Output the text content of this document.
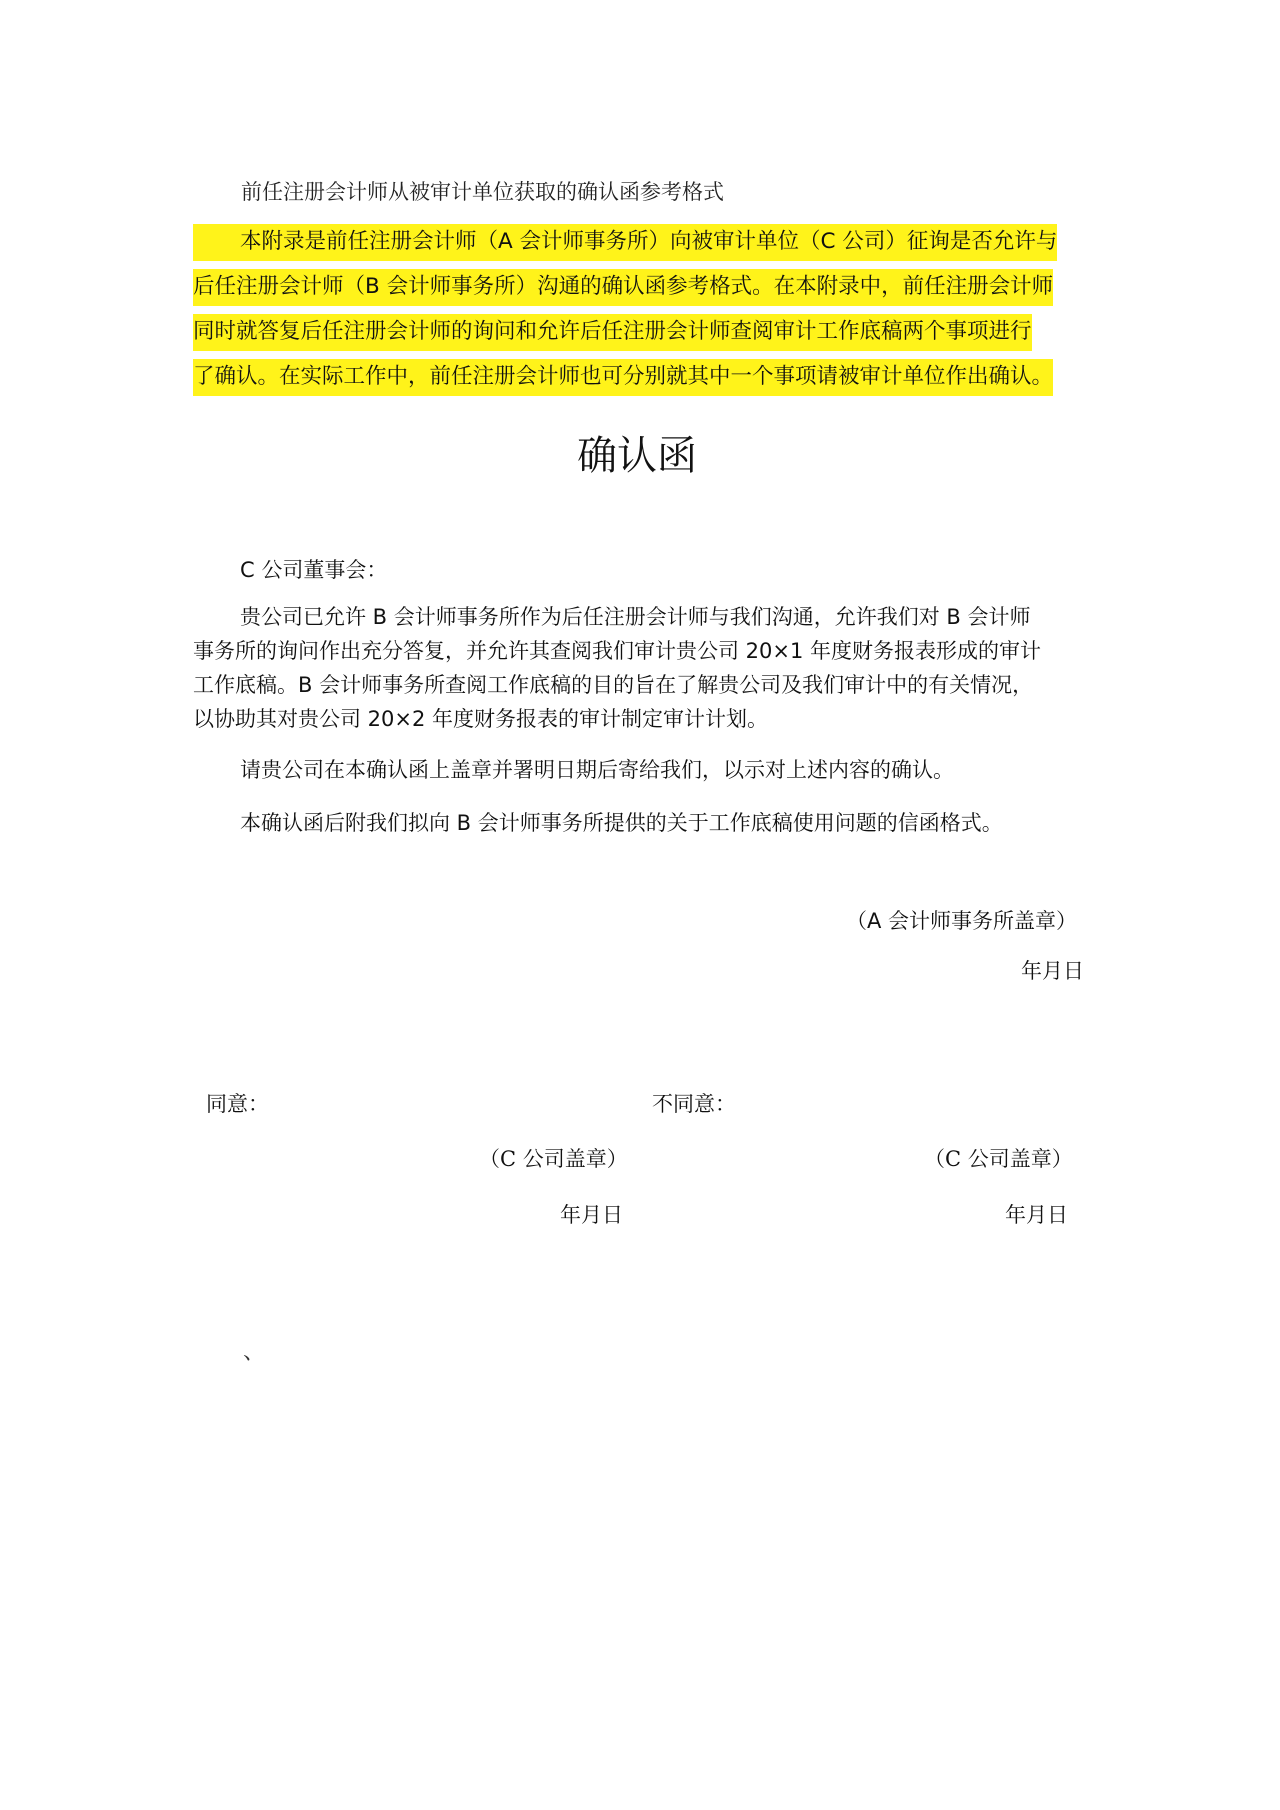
前任注册会计师从被审计单位获取的确认函参考格式
本附录是前任注册会计师（A 会计师事务所）向被审计单位（C 公司）征询是否允许与
后任注册会计师（B 会计师事务所）沟通的确认函参考格式。在本附录中，前任注册会计师
同时就答复后任注册会计师的询问和允许后任注册会计师查阅审计工作底稿两个事项进行
了确认。在实际工作中，前任注册会计师也可分别就其中一个事项请被审计单位作出确认。
确认函
C 公司董事会：
贵公司已允许 B 会计师事务所作为后任注册会计师与我们沟通，允许我们对 B 会计师
事务所的询问作出充分答复，并允许其查阅我们审计贵公司 20×1 年度财务报表形成的审计
工作底稿。B 会计师事务所查阅工作底稿的目的旨在了解贵公司及我们审计中的有关情况，
以协助其对贵公司 20×2 年度财务报表的审计制定审计计划。
请贵公司在本确认函上盖章并署明日期后寄给我们，以示对上述内容的确认。
本确认函后附我们拟向 B 会计师事务所提供的关于工作底稿使用问题的信函格式。
（A 会计师事务所盖章）
年月日
同意：	不同意：
（C 公司盖章）	（C 公司盖章）
年月日	年月日
、
